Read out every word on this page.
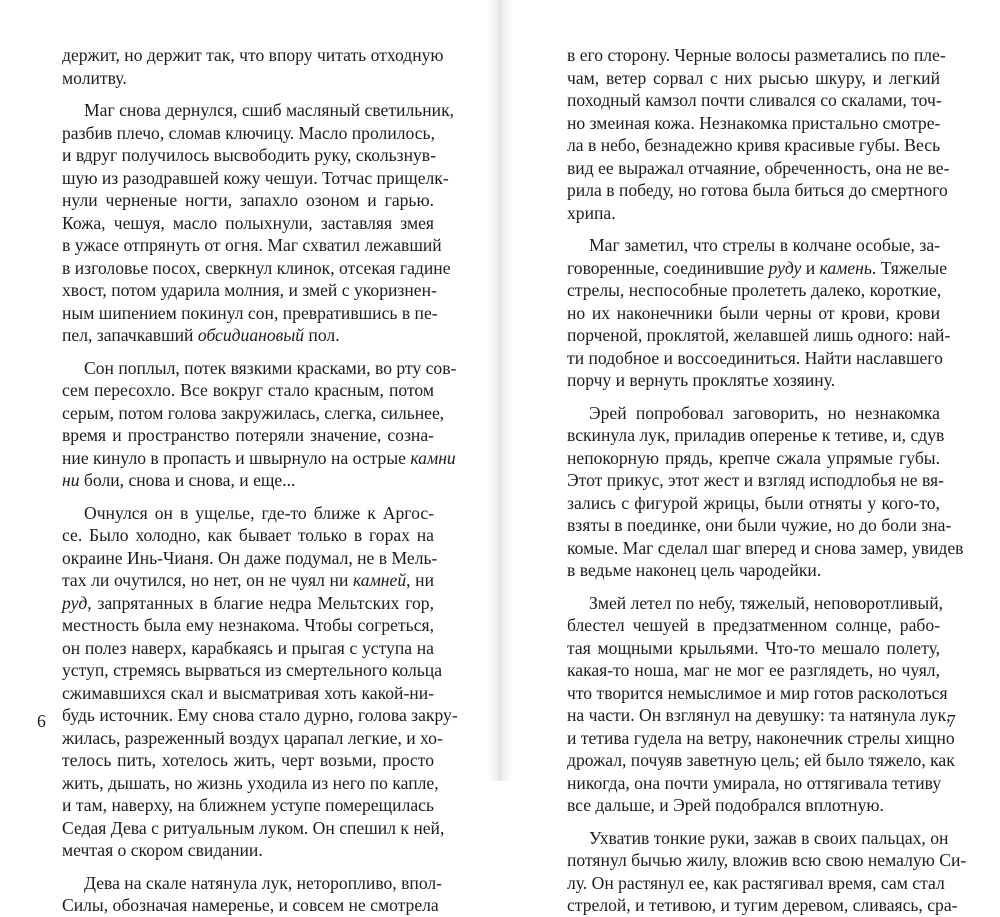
держит, но держит так, что впору читать отходную
молитву.
Маг снова дернулся, сшиб масляный светильник,
разбив плечо, сломав ключицу. Масло пролилось,
и вдруг получилось высвободить руку, скользнув-
шую из разодравшей кожу чешуи. Тотчас прищелк-
нули черненые ногти, запахло озоном и гарью.
Кожа, чешуя, масло полыхнули, заставляя змея
в ужасе отпрянуть от огня. Маг схватил лежавший
в изголовье посох, сверкнул клинок, отсекая гадине
хвост, потом ударила молния, и змей с укоризнен-
ным шипением покинул сон, превратившись в пе-
пел, запачкавший обсидиановый пол.
Сон поплыл, потек вязкими красками, во рту сов-
сем пересохло. Все вокруг стало красным, потом
серым, потом голова закружилась, слегка, сильнее,
время и пространство потеряли значение, созна-
ние кинуло в пропасть и швырнуло на острые камни
ни боли, снова и снова, и еще...
Очнулся он в ущелье, где-то ближе к Аргос-
се. Было холодно, как бывает только в горах на
окраине Инь-Чианя. Он даже подумал, не в Мель-
тах ли очутился, но нет, он не чуял ни камней, ни
руд, запрятанных в благие недра Мельтских гор,
местность была ему незнакома. Чтобы согреться,
он полез наверх, карабкаясь и прыгая с уступа на
уступ, стремясь вырваться из смертельного кольца
сжимавшихся скал и высматривая хоть какой-ни-
будь источник. Ему снова стало дурно, голова закру-
жилась, разреженный воздух царапал легкие, и хо-
телось пить, хотелось жить, черт возьми, просто
жить, дышать, но жизнь уходила из него по капле,
и там, наверху, на ближнем уступе померещилась
Седая Дева с ритуальным луком. Он спешил к ней,
мечтая о скором свидании.
Дева на скале натянула лук, неторопливо, впол-
Силы, обозначая намеренье, и совсем не смотрела
6
в его сторону. Черные волосы разметались по пле-
чам, ветер сорвал с них рысью шкуру, и легкий
походный камзол почти сливался со скалами, точ-
но змеиная кожа. Незнакомка пристально смотре-
ла в небо, безнадежно кривя красивые губы. Весь
вид ее выражал отчаяние, обреченность, она не ве-
рила в победу, но готова была биться до смертного
хрипа.
Маг заметил, что стрелы в колчане особые, за-
говоренные, соединившие руду и камень. Тяжелые
стрелы, неспособные пролететь далеко, короткие,
но их наконечники были черны от крови, крови
порченой, проклятой, желавшей лишь одного: най-
ти подобное и воссоединиться. Найти наславшего
порчу и вернуть проклятье хозяину.
Эрей попробовал заговорить, но незнакомка
вскинула лук, приладив оперенье к тетиве, и, сдув
непокорную прядь, крепче сжала упрямые губы.
Этот прикус, этот жест и взгляд исподлобья не вя-
зались с фигурой жрицы, были отняты у кого-то,
взяты в поединке, они были чужие, но до боли зна-
комые. Маг сделал шаг вперед и снова замер, увидев
в ведьме наконец цель чародейки.
Змей летел по небу, тяжелый, неповоротливый,
блестел чешуей в предзатменном солнце, рабо-
тая мощными крыльями. Что-то мешало полету,
какая-то ноша, маг не мог ее разглядеть, но чуял,
что творится немыслимое и мир готов расколоться
на части. Он взглянул на девушку: та натянула лук,
и тетива гудела на ветру, наконечник стрелы хищно
дрожал, почуяв заветную цель; ей было тяжело, как
никогда, она почти умирала, но оттягивала тетиву
все дальше, и Эрей подобрался вплотную.
Ухватив тонкие руки, зажав в своих пальцах, он
потянул бычью жилу, вложив всю свою немалую Си-
лу. Он растянул ее, как растягивал время, сам стал
стрелой, и тетивою, и тугим деревом, сливаясь, сра-
7
